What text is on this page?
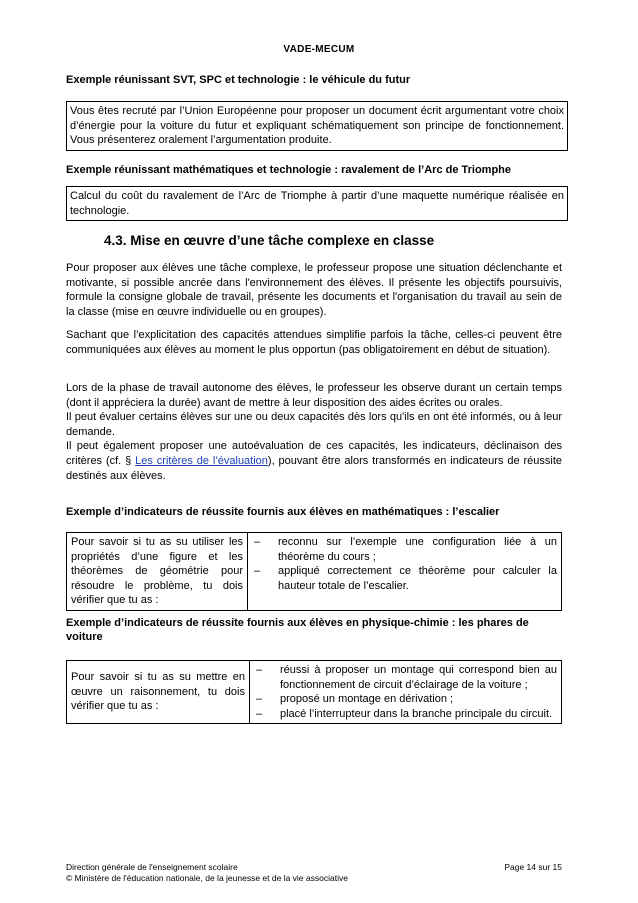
VADE-MECUM
Exemple réunissant SVT, SPC et technologie : le véhicule du futur
Vous êtes recruté par l’Union Européenne pour proposer un document écrit argumentant votre choix d’énergie pour la voiture du futur et expliquant schématiquement son principe de fonctionnement. Vous présenterez oralement l’argumentation produite.
Exemple réunissant mathématiques et technologie : ravalement de l’Arc de Triomphe
Calcul du coût du ravalement de l’Arc de Triomphe à partir d’une maquette numérique réalisée en technologie.
4.3. Mise en œuvre d’une tâche complexe en classe

Pour proposer aux élèves une tâche complexe, le professeur propose une situation déclenchante et motivante, si possible ancrée dans l'environnement des élèves. Il présente les objectifs poursuivis, formule la consigne globale de travail, présente les documents et l'organisation du travail au sein de la classe (mise en œuvre individuelle ou en groupes).

Sachant que l’explicitation des capacités attendues simplifie parfois la tâche, celles-ci peuvent être communiquées aux élèves au moment le plus opportun (pas obligatoirement en début de situation).

Lors de la phase de travail autonome des élèves, le professeur les observe durant un certain temps (dont il appréciera la durée) avant de mettre à leur disposition des aides écrites ou orales.

Il peut évaluer certains élèves sur une ou deux capacités dès lors qu'ils en ont été informés, ou à leur demande.

Il peut également proposer une autoévaluation de ces capacités, les indicateurs, déclinaison des critères (cf. § Les critères de l’évaluation), pouvant être alors transformés en indicateurs de réussite destinés aux élèves.

Exemple d’indicateurs de réussite fournis aux élèves en mathématiques : l’escalier
Pour savoir si tu as su utiliser les propriétés d’une figure et les théorèmes de géométrie pour résoudre le problème, tu dois vérifier que tu as :	
– reconnu sur l’exemple une configuration liée à un théorème du cours ;
– appliqué correctement ce théorème pour calculer la hauteur totale de l’escalier.
Exemple d’indicateurs de réussite fournis aux élèves en physique-chimie : les phares de voiture
Pour savoir si tu as su mettre en œuvre un raisonnement, tu dois vérifier que tu as :	
– réussi à proposer un montage qui correspond bien au fonctionnement de circuit d’éclairage de la voiture ;
– proposé un montage en dérivation ;
– placé l’interrupteur dans la branche principale du circuit.
Direction générale de l'enseignement scolaire
© Ministère de l'éducation nationale, de la jeunesse et de la vie associative
Page 14 sur 15
